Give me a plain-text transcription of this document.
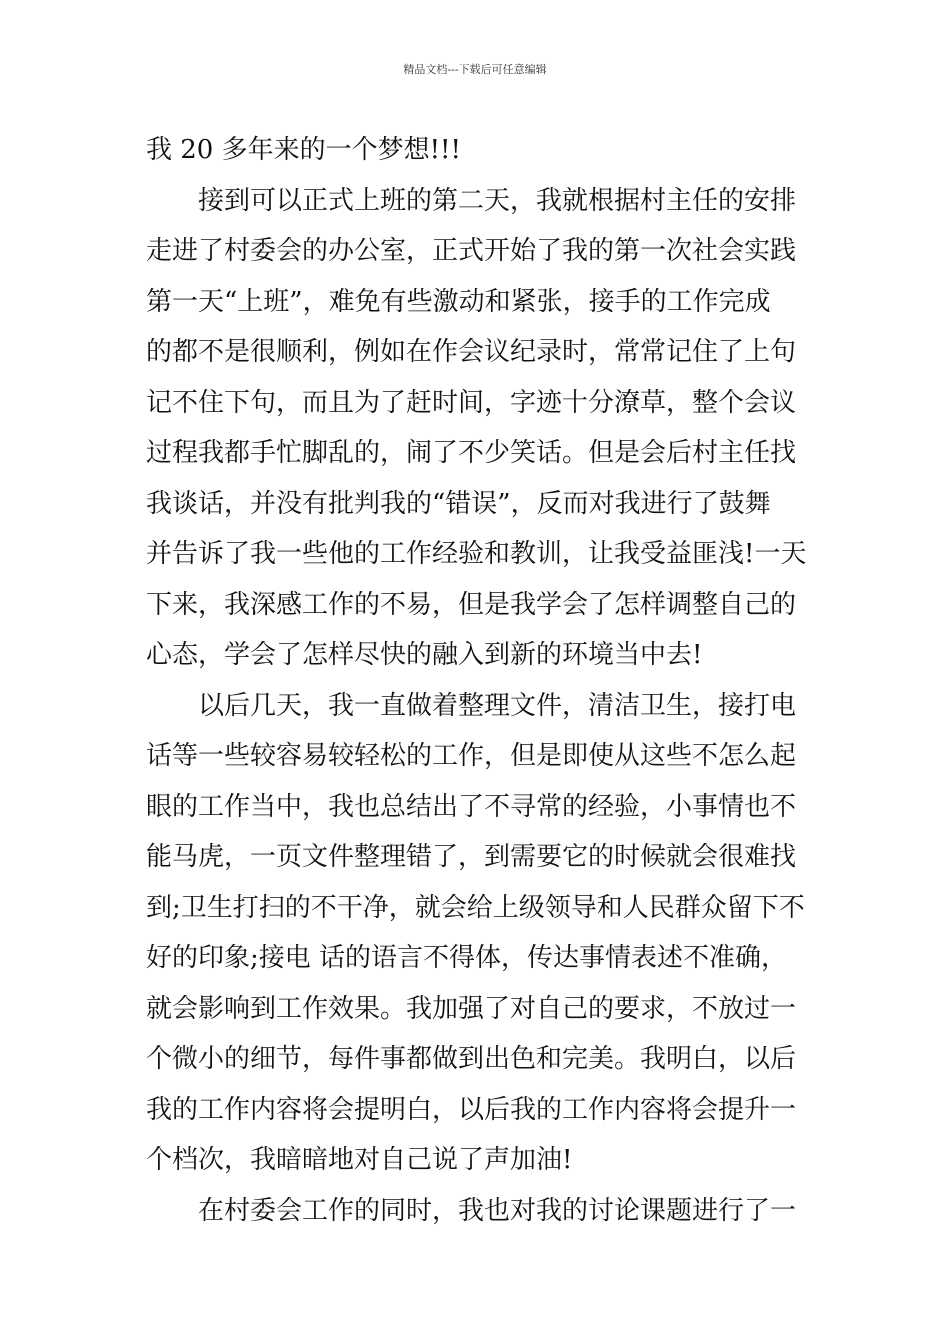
精品文档---下载后可任意编辑
我 20 多年来的一个梦想!!!
接到可以正式上班的第二天，我就根据村主任的安排
走进了村委会的办公室，正式开始了我的第一次社会实践
第一天“上班”，难免有些激动和紧张，接手的工作完成
的都不是很顺利，例如在作会议纪录时，常常记住了上句
记不住下句，而且为了赶时间，字迹十分潦草，整个会议
过程我都手忙脚乱的，闹了不少笑话。但是会后村主任找
我谈话，并没有批判我的“错误”，反而对我进行了鼓舞
并告诉了我一些他的工作经验和教训，让我受益匪浅!一天
下来，我深感工作的不易，但是我学会了怎样调整自己的
心态，学会了怎样尽快的融入到新的环境当中去!
以后几天，我一直做着整理文件，清洁卫生，接打电
话等一些较容易较轻松的工作，但是即使从这些不怎么起
眼的工作当中，我也总结出了不寻常的经验，小事情也不
能马虎，一页文件整理错了，到需要它的时候就会很难找
到;卫生打扫的不干净，就会给上级领导和人民群众留下不
好的印象;接电 话的语言不得体，传达事情表述不准确，
就会影响到工作效果。我加强了对自己的要求，不放过一
个微小的细节，每件事都做到出色和完美。我明白，以后
我的工作内容将会提明白，以后我的工作内容将会提升一
个档次，我暗暗地对自己说了声加油!
在村委会工作的同时，我也对我的讨论课题进行了一
